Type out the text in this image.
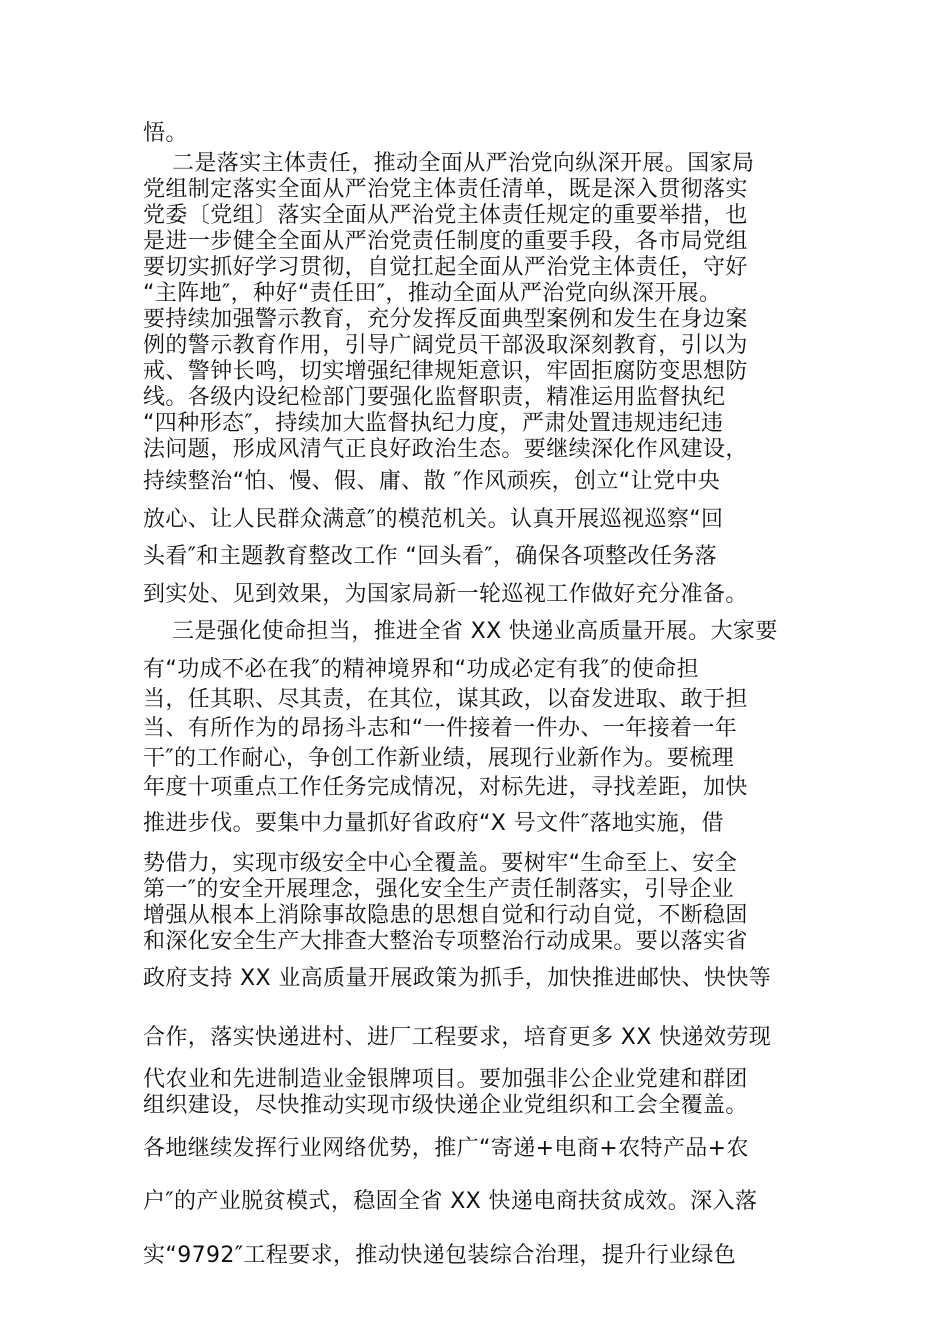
悟。
二是落实主体责任，推动全面从严治党向纵深开展。国家局
党组制定落实全面从严治党主体责任清单，既是深入贯彻落实
党委〔党组〕落实全面从严治党主体责任规定的重要举措，也
是进一步健全全面从严治党责任制度的重要手段，各市局党组
要切实抓好学习贯彻，自觉扛起全面从严治党主体责任，守好
“主阵地″，种好“责任田″，推动全面从严治党向纵深开展。
要持续加强警示教育，充分发挥反面典型案例和发生在身边案
例的警示教育作用，引导广阔党员干部汲取深刻教育，引以为
戒、警钟长鸣，切实增强纪律规矩意识，牢固拒腐防变思想防
线。各级内设纪检部门要强化监督职责，精准运用监督执纪
“四种形态″，持续加大监督执纪力度，严肃处置违规违纪违
法问题，形成风清气正良好政治生态。要继续深化作风建设，
持续整治“怕、慢、假、庸、散 ″作风顽疾，创立“让党中央
放心、让人民群众满意″的模范机关。认真开展巡视巡察“回
头看″和主题教育整改工作 “回头看″，确保各项整改任务落
到实处、见到效果，为国家局新一轮巡视工作做好充分准备。
三是强化使命担当，推进全省 XX 快递业高质量开展。大家要
有“功成不必在我″的精神境界和“功成必定有我″的使命担
当，任其职、尽其责，在其位，谋其政，以奋发进取、敢于担
当、有所作为的昂扬斗志和“一件接着一件办、一年接着一年
干″的工作耐心，争创工作新业绩，展现行业新作为。要梳理
年度十项重点工作任务完成情况，对标先进，寻找差距，加快
推进步伐。要集中力量抓好省政府“X 号文件″落地实施，借
势借力，实现市级安全中心全覆盖。要树牢“生命至上、安全
第一″的安全开展理念，强化安全生产责任制落实，引导企业
增强从根本上消除事故隐患的思想自觉和行动自觉，不断稳固
和深化安全生产大排查大整治专项整治行动成果。要以落实省
政府支持 XX 业高质量开展政策为抓手，加快推进邮快、快快等
合作，落实快递进村、进厂工程要求，培育更多 XX 快递效劳现
代农业和先进制造业金银牌项目。要加强非公企业党建和群团
组织建设，尽快推动实现市级快递企业党组织和工会全覆盖。
各地继续发挥行业网络优势，推广“寄递+电商+农特产品+农
户″的产业脱贫模式，稳固全省 XX 快递电商扶贫成效。深入落
实“9792″工程要求，推动快递包装综合治理，提升行业绿色
